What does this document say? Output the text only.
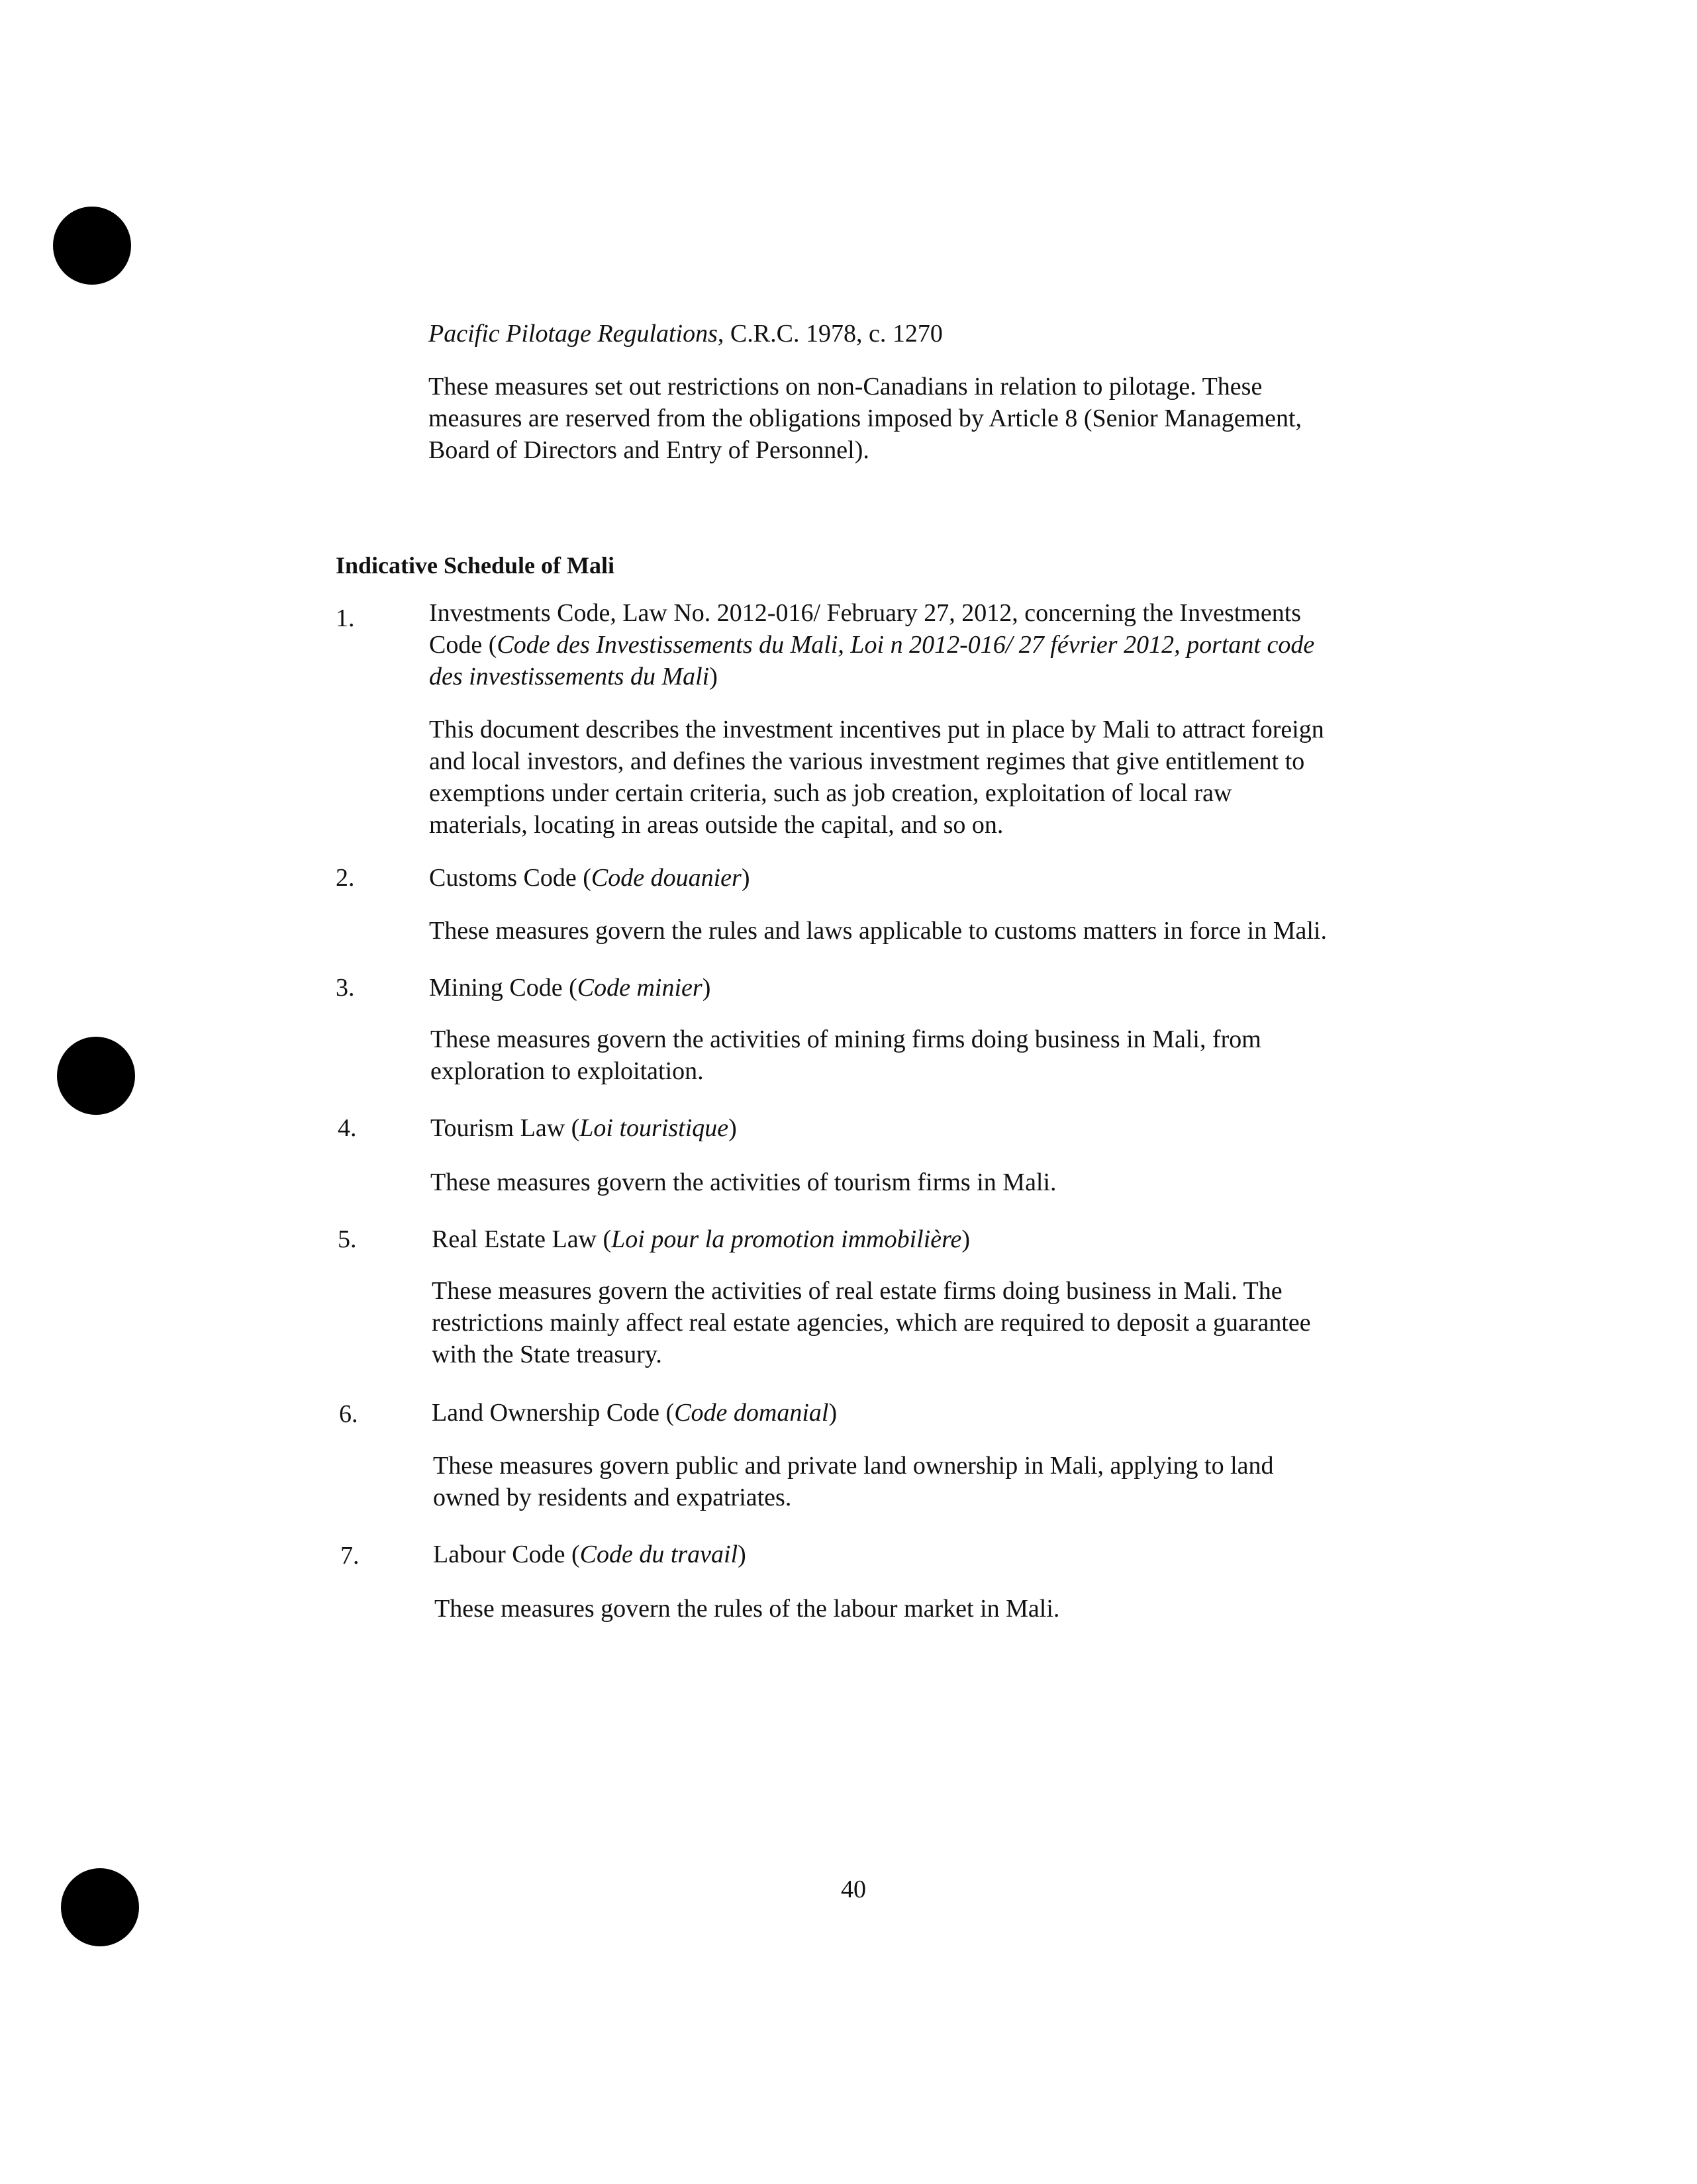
Pacific Pilotage Regulations, C.R.C. 1978, c. 1270
These measures set out restrictions on non-Canadians in relation to pilotage. These
measures are reserved from the obligations imposed by Article 8 (Senior Management,
Board of Directors and Entry of Personnel).
Indicative Schedule of Mali
1.	Investments Code, Law No. 2012-016/ February 27, 2012, concerning the Investments
Code (Code des Investissements du Mali, Loi n 2012-016/ 27 février 2012, portant code
des investissements du Mali)
This document describes the investment incentives put in place by Mali to attract foreign
and local investors, and defines the various investment regimes that give entitlement to
exemptions under certain criteria, such as job creation, exploitation of local raw
materials, locating in areas outside the capital, and so on.
2.	Customs Code (Code douanier)
These measures govern the rules and laws applicable to customs matters in force in Mali.
3.	Mining Code (Code minier)
These measures govern the activities of mining firms doing business in Mali, from
exploration to exploitation.
4.	Tourism Law (Loi touristique)
These measures govern the activities of tourism firms in Mali.
5.	Real Estate Law (Loi pour la promotion immobilière)
These measures govern the activities of real estate firms doing business in Mali. The
restrictions mainly affect real estate agencies, which are required to deposit a guarantee
with the State treasury.
6.	Land Ownership Code (Code domanial)
These measures govern public and private land ownership in Mali, applying to land
owned by residents and expatriates.
7.	Labour Code (Code du travail)
These measures govern the rules of the labour market in Mali.
40
